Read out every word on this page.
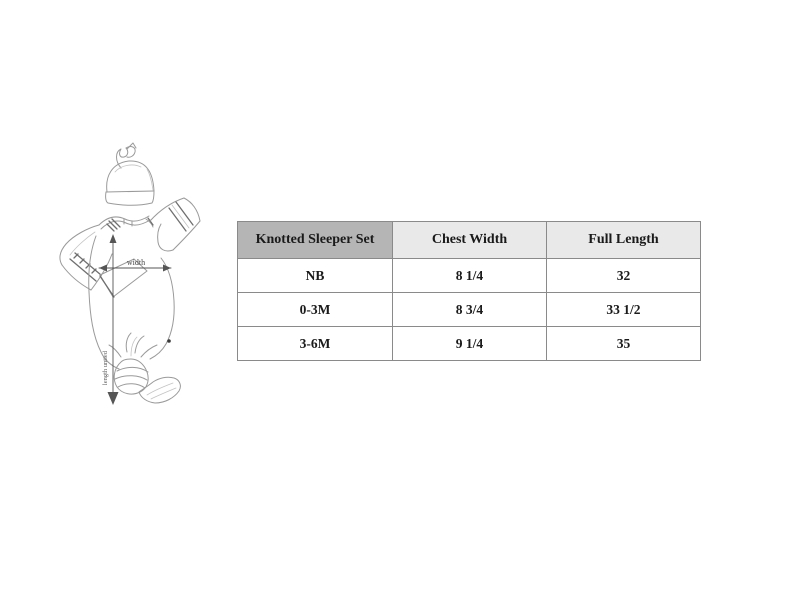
width
length untied
Knotted Sleeper Set	Chest Width	Full Length
NB	8 1/4	32
0-3M	8 3/4	33 1/2
3-6M	9 1/4	35
